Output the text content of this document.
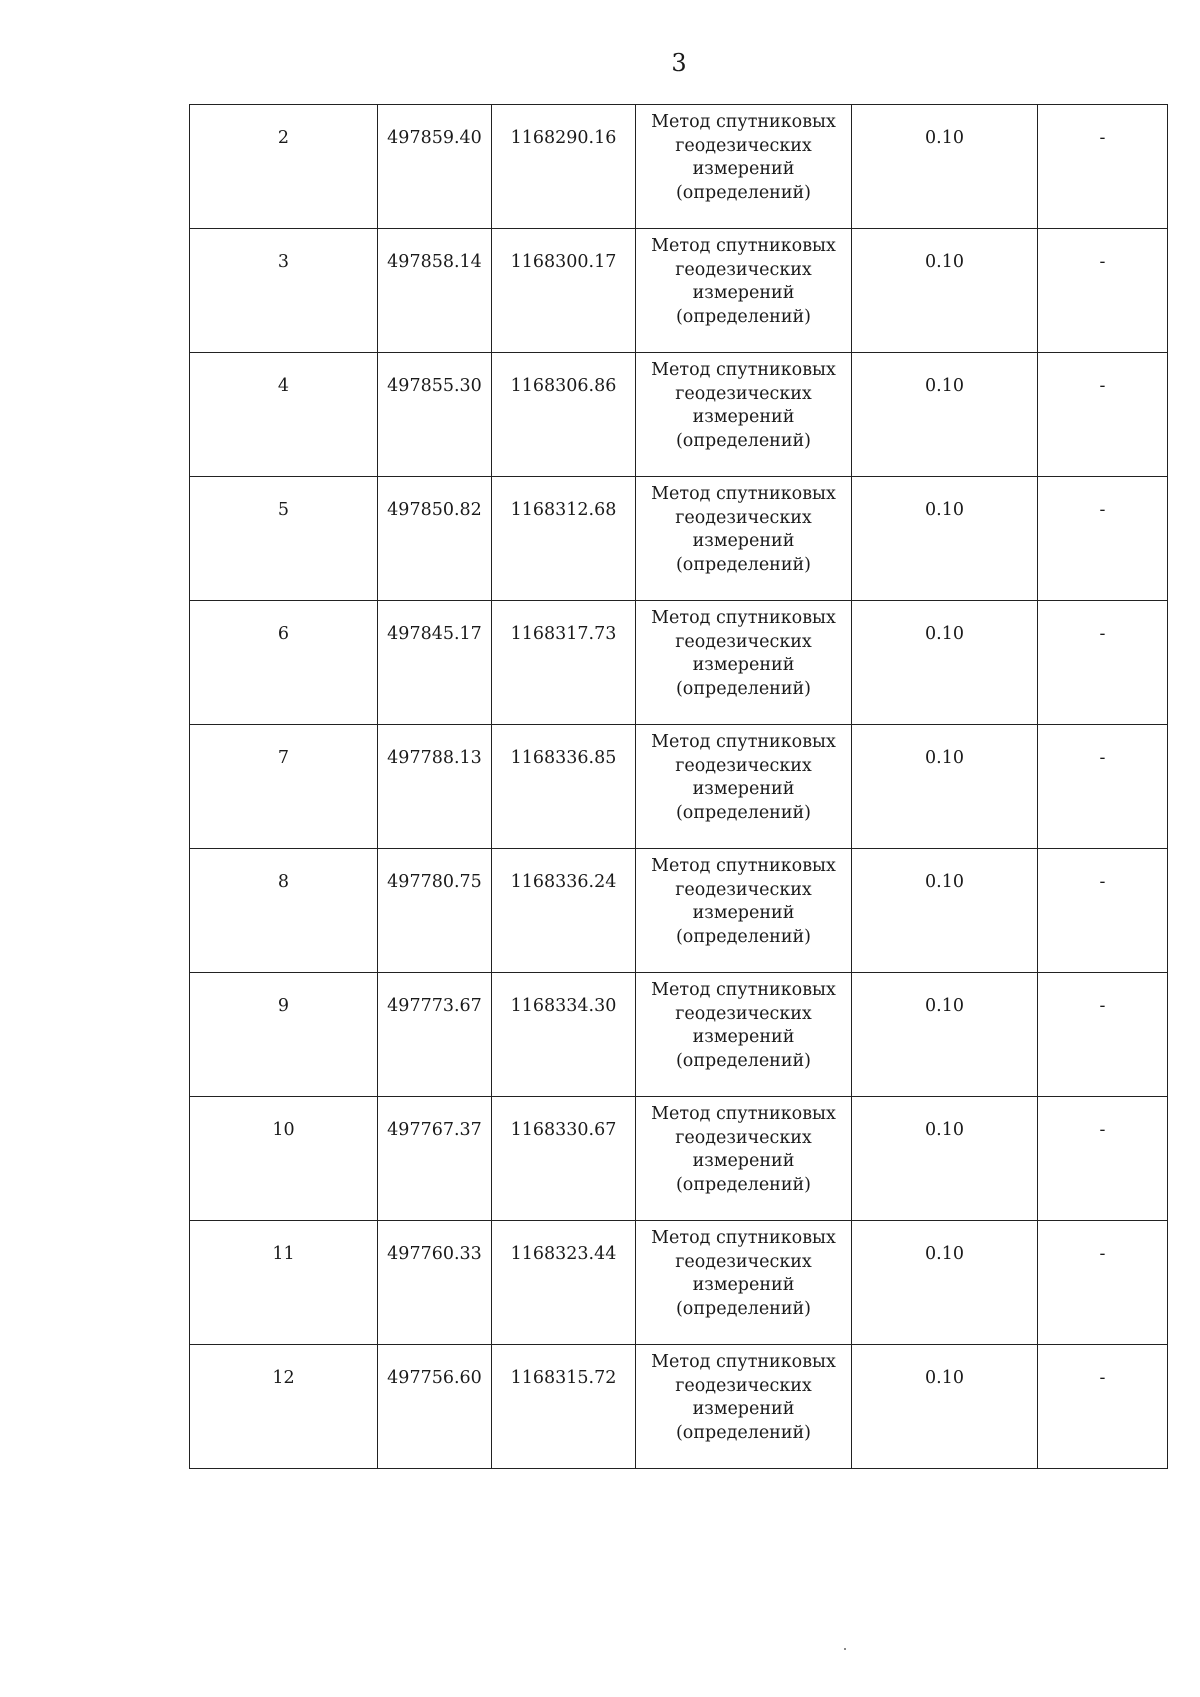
3
2	497859.40	1168290.16	Метод спутниковых
геодезических
измерений
(определений)	0.10	-
3	497858.14	1168300.17	Метод спутниковых
геодезических
измерений
(определений)	0.10	-
4	497855.30	1168306.86	Метод спутниковых
геодезических
измерений
(определений)	0.10	-
5	497850.82	1168312.68	Метод спутниковых
геодезических
измерений
(определений)	0.10	-
6	497845.17	1168317.73	Метод спутниковых
геодезических
измерений
(определений)	0.10	-
7	497788.13	1168336.85	Метод спутниковых
геодезических
измерений
(определений)	0.10	-
8	497780.75	1168336.24	Метод спутниковых
геодезических
измерений
(определений)	0.10	-
9	497773.67	1168334.30	Метод спутниковых
геодезических
измерений
(определений)	0.10	-
10	497767.37	1168330.67	Метод спутниковых
геодезических
измерений
(определений)	0.10	-
11	497760.33	1168323.44	Метод спутниковых
геодезических
измерений
(определений)	0.10	-
12	497756.60	1168315.72	Метод спутниковых
геодезических
измерений
(определений)	0.10	-
